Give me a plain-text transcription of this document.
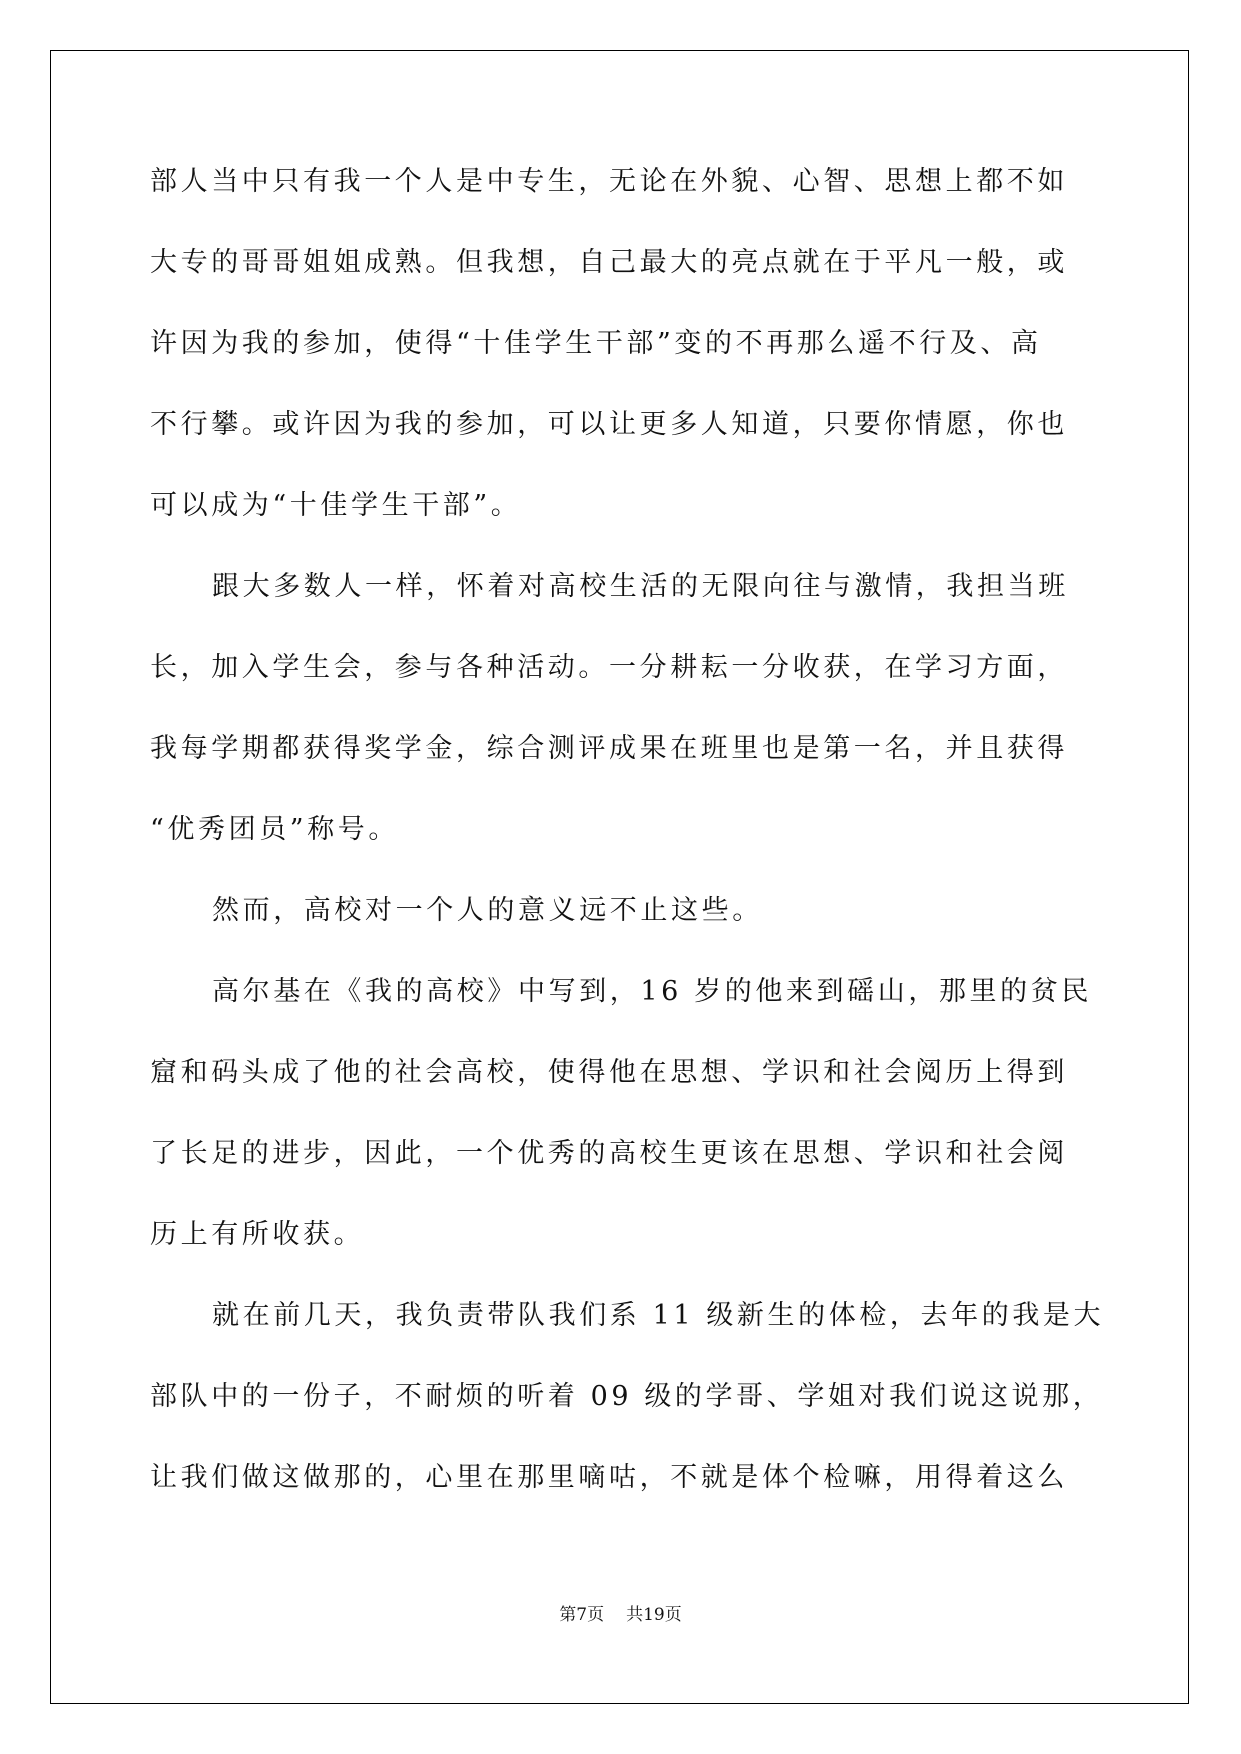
部人当中只有我一个人是中专生，无论在外貌、心智、思想上都不如
大专的哥哥姐姐成熟。但我想，自己最大的亮点就在于平凡一般，或
许因为我的参加，使得“十佳学生干部”变的不再那么遥不行及、高
不行攀。或许因为我的参加，可以让更多人知道，只要你情愿，你也
可以成为“十佳学生干部”。
跟大多数人一样，怀着对高校生活的无限向往与激情，我担当班
长，加入学生会，参与各种活动。一分耕耘一分收获，在学习方面，
我每学期都获得奖学金，综合测评成果在班里也是第一名，并且获得
“优秀团员”称号。
然而，高校对一个人的意义远不止这些。
高尔基在《我的高校》中写到，16 岁的他来到磘山，那里的贫民
窟和码头成了他的社会高校，使得他在思想、学识和社会阅历上得到
了长足的进步，因此，一个优秀的高校生更该在思想、学识和社会阅
历上有所收获。
就在前几天，我负责带队我们系 11 级新生的体检，去年的我是大
部队中的一份子，不耐烦的听着 09 级的学哥、学姐对我们说这说那，
让我们做这做那的，心里在那里嘀咕，不就是体个检嘛，用得着这么
第7页 共19页
